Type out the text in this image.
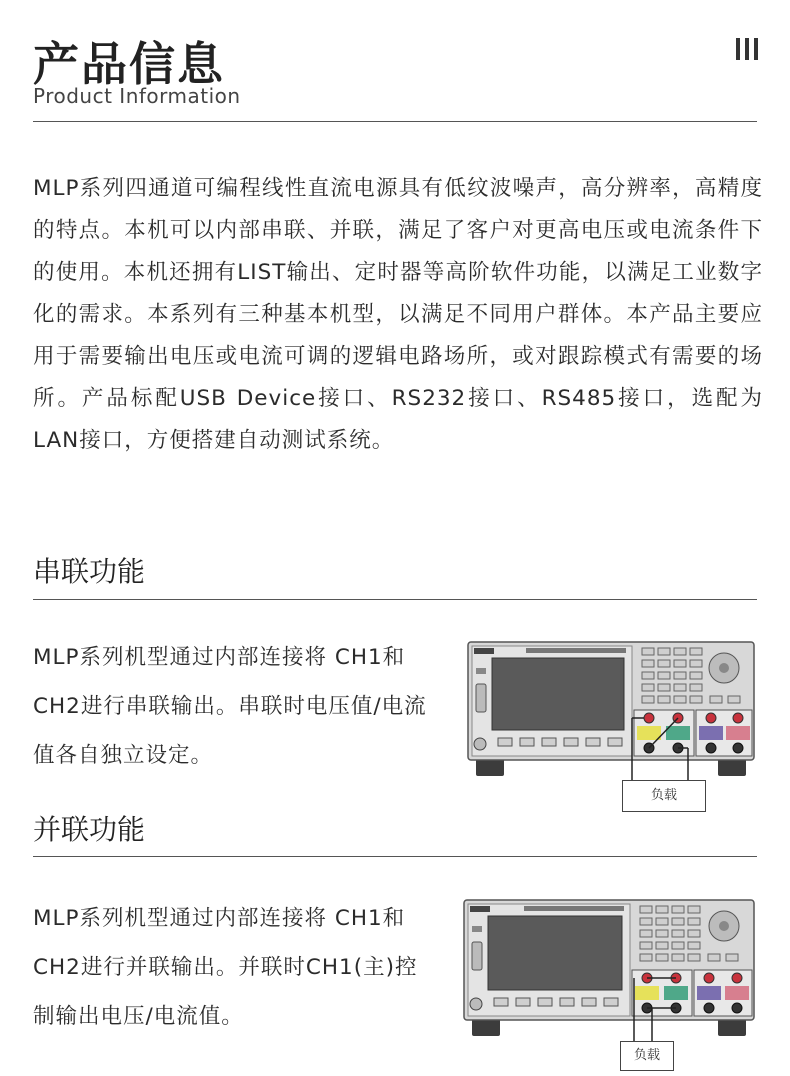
产品信息
Product Information
MLP系列四通道可编程线性直流电源具有低纹波噪声，高分辨率，高精度的特点。本机可以内部串联、并联，满足了客户对更高电压或电流条件下的使用。本机还拥有LIST输出、定时器等高阶软件功能，以满足工业数字化的需求。本系列有三种基本机型，以满足不同用户群体。本产品主要应用于需要输出电压或电流可调的逻辑电路场所，或对跟踪模式有需要的场所。产品标配USB Device接口、RS232接口、RS485接口，选配为LAN接口，方便搭建自动测试系统。
串联功能
MLP系列机型通过内部连接将 CH1和 CH2进行串联输出。串联时电压值/电流值各自独立设定。
负载
并联功能
MLP系列机型通过内部连接将 CH1和 CH2进行并联输出。并联时CH1(主)控制输出电压/电流值。
负载
